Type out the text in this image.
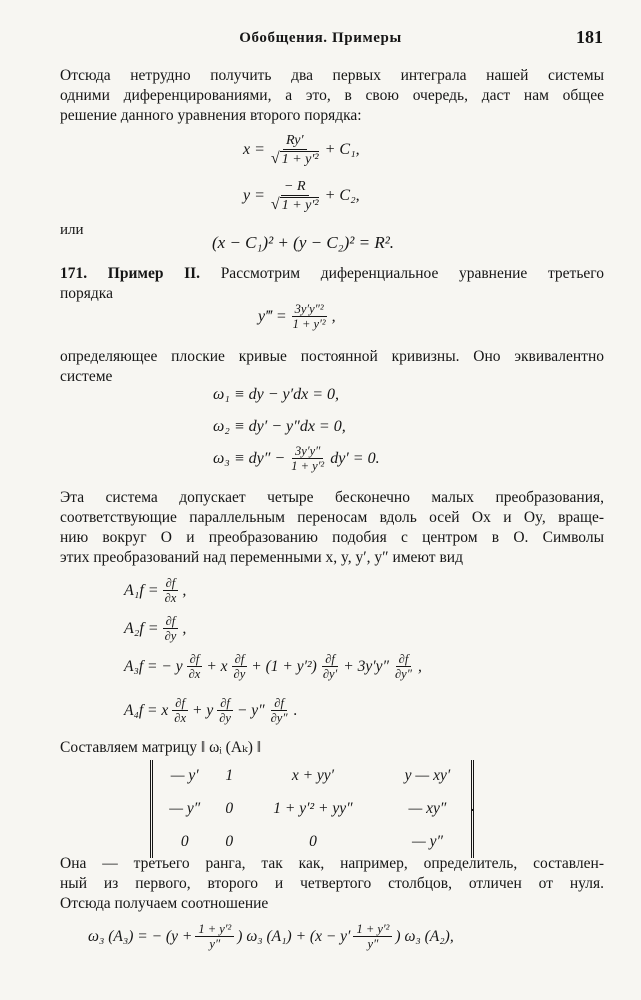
Обобщения. Примеры	181
Отсюда нетрудно получить два первых интеграла нашей системы
одними диференцированиями, а это, в свою очередь, даст нам общее
решение данного уравнения второго порядка:
$x = \frac{Ry'}{\text{√ 1 + y′²}} + C_1$,
$y = \frac{- R}{\text{√ 1 + y′²}} + C_2$,
или
(x − C₁)² + (y − C₂)² = R².
171. Пример II. Рассмотрим диференциальное уравнение третьего
порядка
y‴ = $\frac{\text{3y′y″²}}{\text{1 + y′²}}$ ,
определяющее плоские кривые постоянной кривизны. Оно эквивалентно
системе
ω₁ ≡ dy − y′dx = 0,
ω₂ ≡ dy′ − y″dx = 0,
$\omega_3 \equiv dy'' - \frac{3y'y''}{\text{1 + y′²}} dy' = 0$.
Эта система допускает четыре бесконечно малых преобразования,
соответствующие параллельным переносам вдоль осей Ox и Oy, враще-
нию вокруг O и преобразованию подобия с центром в O. Символы
этих преобразований над переменными x, y, y′, y″ имеют вид
$A_1f = \frac{\partial f}{\partial x}$ ,
$A_2f = \frac{\partial f}{\partial y}$ ,
A₃f = − y $\frac{\partial f}{\partial x} + x \frac{\partial f}{\partial y} + (1 + y'^2) \frac{\partial f}{\partial y'} + 3y'y'' \frac{\partial f}{\partial y''}$ ,
A₄f = x $\frac{\partial f}{\partial x} + y \frac{\partial f}{\partial y} - y'' \frac{\partial f}{\partial y''}$ .
Составляем матрицу ‖ ωᵢ (Aₖ) ‖
— y′	1	x + yy′	y — xy′
— y″	0	1 + y′² + yy″	— xy″
0	0	0	— y″
.
Она — третьего ранга, так как, например, определитель, составлен-
ный из первого, второго и четвертого столбцов, отличен от нуля.
Отсюда получаем соотношение
ω₃ (A₃) = − ($y + \frac{\text{1 + y′²}}{y''}$ ) ω₃ $(A_1) + (x - y' \frac{\text{1 + y′²}}{y''}$ ) ω₃ (A₂),
